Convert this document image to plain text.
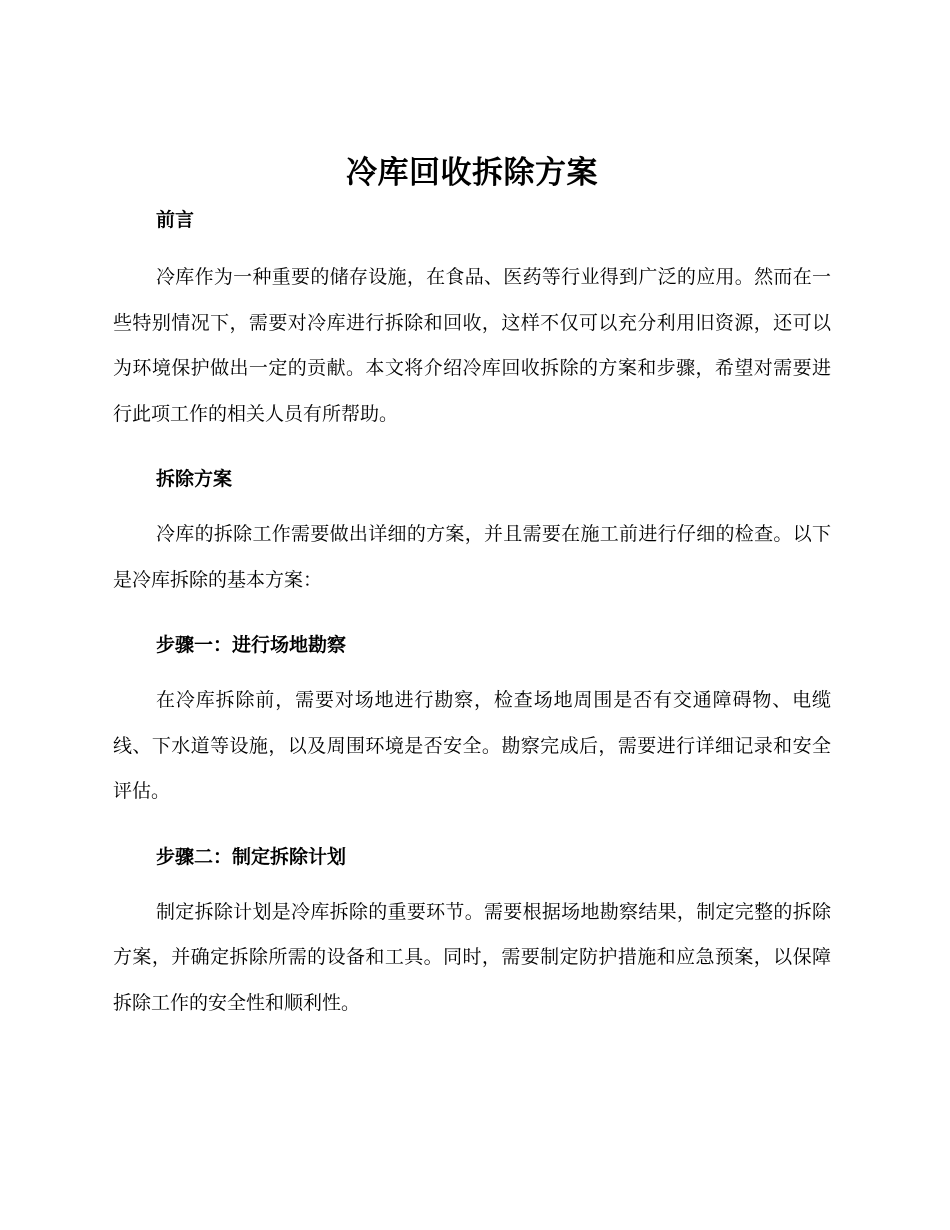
冷库回收拆除方案
前言

冷库作为一种重要的储存设施，在食品、医药等行业得到广泛的应用。然而在一些特别情况下，需要对冷库进行拆除和回收，这样不仅可以充分利用旧资源，还可以为环境保护做出一定的贡献。本文将介绍冷库回收拆除的方案和步骤，希望对需要进行此项工作的相关人员有所帮助。

拆除方案

冷库的拆除工作需要做出详细的方案，并且需要在施工前进行仔细的检查。以下是冷库拆除的基本方案：

步骤一：进行场地勘察

在冷库拆除前，需要对场地进行勘察，检查场地周围是否有交通障碍物、电缆线、下水道等设施，以及周围环境是否安全。勘察完成后，需要进行详细记录和安全评估。

步骤二：制定拆除计划

制定拆除计划是冷库拆除的重要环节。需要根据场地勘察结果，制定完整的拆除方案，并确定拆除所需的设备和工具。同时，需要制定防护措施和应急预案，以保障拆除工作的安全性和顺利性。
